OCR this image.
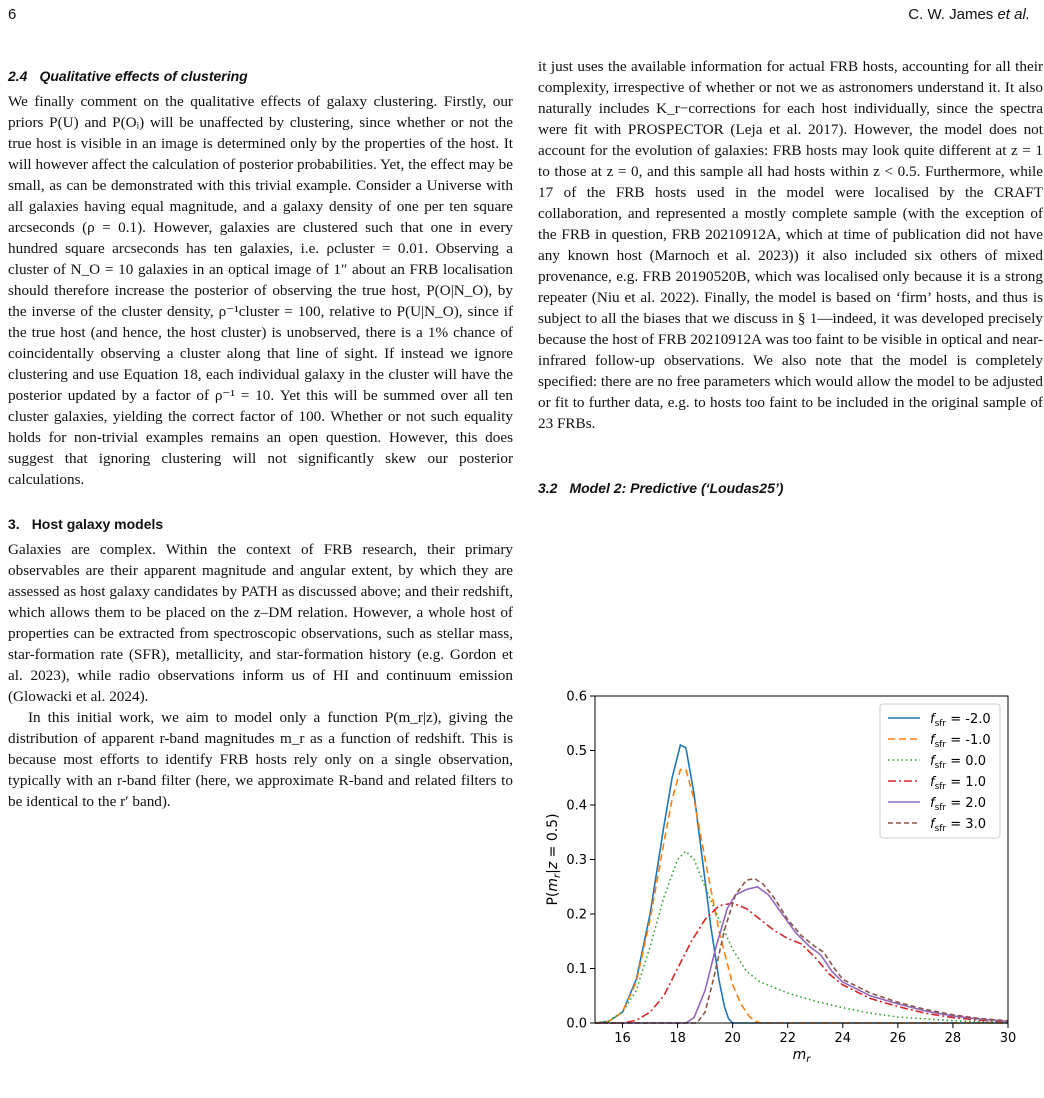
6	C. W. James et al.
2.4 Qualitative effects of clustering

We finally comment on the qualitative effects of galaxy clustering. Firstly, our priors P(U) and P(Oᵢ) will be unaffected by clustering, since whether or not the true host is visible in an image is determined only by the properties of the host. It will however affect the calculation of posterior probabilities. Yet, the effect may be small, as can be demonstrated with this trivial example. Consider a Universe with all galaxies having equal magnitude, and a galaxy density of one per ten square arcseconds (ρ = 0.1). However, galaxies are clustered such that one in every hundred square arcseconds has ten galaxies, i.e. ρcluster = 0.01. Observing a cluster of N_O = 10 galaxies in an optical image of 1″ about an FRB localisation should therefore increase the posterior of observing the true host, P(O|N_O), by the inverse of the cluster density, ρ⁻¹cluster = 100, relative to P(U|N_O), since if the true host (and hence, the host cluster) is unobserved, there is a 1% chance of coincidentally observing a cluster along that line of sight. If instead we ignore clustering and use Equation 18, each individual galaxy in the cluster will have the posterior updated by a factor of ρ⁻¹ = 10. Yet this will be summed over all ten cluster galaxies, yielding the correct factor of 100. Whether or not such equality holds for non-trivial examples remains an open question. However, this does suggest that ignoring clustering will not significantly skew our posterior calculations.

3. Host galaxy models

Galaxies are complex. Within the context of FRB research, their primary observables are their apparent magnitude and angular extent, by which they are assessed as host galaxy candidates by PATH as discussed above; and their redshift, which allows them to be placed on the z–DM relation. However, a whole host of properties can be extracted from spectroscopic observations, such as stellar mass, star-formation rate (SFR), metallicity, and star-formation history (e.g. Gordon et al. 2023), while radio observations inform us of HI and continuum emission (Glowacki et al. 2024).

In this initial work, we aim to model only a function P(m_r|z), giving the distribution of apparent r-band magnitudes m_r as a function of redshift. This is because most efforts to identify FRB hosts rely only on a single observation, typically with an r-band filter (here, we approximate R-band and related filters to be identical to the r′ band).

it just uses the available information for actual FRB hosts, accounting for all their complexity, irrespective of whether or not we as astronomers understand it. It also naturally includes K_r−corrections for each host individually, since the spectra were fit with PROSPECTOR (Leja et al. 2017). However, the model does not account for the evolution of galaxies: FRB hosts may look quite different at z = 1 to those at z = 0, and this sample all had hosts within z < 0.5. Furthermore, while 17 of the FRB hosts used in the model were localised by the CRAFT collaboration, and represented a mostly complete sample (with the exception of the FRB in question, FRB 20210912A, which at time of publication did not have any known host (Marnoch et al. 2023)) it also included six others of mixed provenance, e.g. FRB 20190520B, which was localised only because it is a strong repeater (Niu et al. 2022). Finally, the model is based on ‘firm’ hosts, and thus is subject to all the biases that we discuss in § 1—indeed, it was developed precisely because the host of FRB 20210912A was too faint to be visible in optical and near-infrared follow-up observations. We also note that the model is completely specified: there are no free parameters which would allow the model to be adjusted or fit to further data, e.g. to hosts too faint to be included in the original sample of 23 FRBs.

3.2 Model 2: Predictive (‘Loudas25’)
16	18	20	22	24	26	28	30
0.0
0.1
0.2
0.3
0.4
0.5
0.6
$m_r$
$P(m_r|z = 0.5)$
$f_{sfr} = -2.0$
$f_{sfr} = -1.0$
$f_{sfr} = 0.0$
$f_{sfr} = 1.0$
$f_{sfr} = 2.0$
$f_{sfr} = 3.0$
